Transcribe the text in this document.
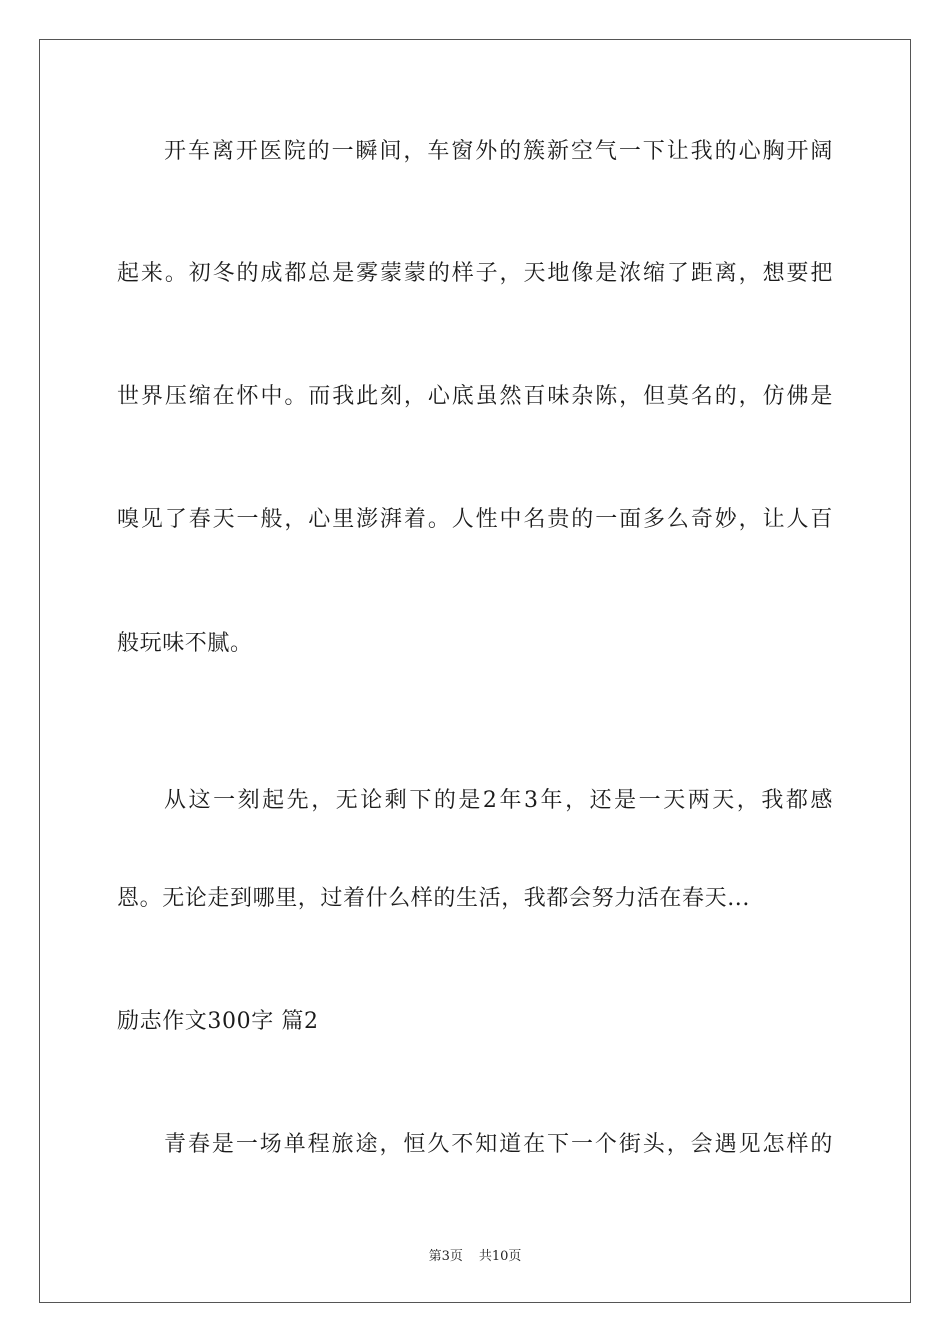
开车离开医院的一瞬间，车窗外的簇新空气一下让我的心胸开阔
起来。初冬的成都总是雾蒙蒙的样子，天地像是浓缩了距离，想要把
世界压缩在怀中。而我此刻，心底虽然百味杂陈，但莫名的，仿佛是
嗅见了春天一般，心里澎湃着。人性中名贵的一面多么奇妙，让人百
般玩味不腻。
从这一刻起先，无论剩下的是2年3年，还是一天两天，我都感
恩。无论走到哪里，过着什么样的生活，我都会努力活在春天...
励志作文300字 篇2
青春是一场单程旅途，恒久不知道在下一个街头，会遇见怎样的
第3页 共10页
